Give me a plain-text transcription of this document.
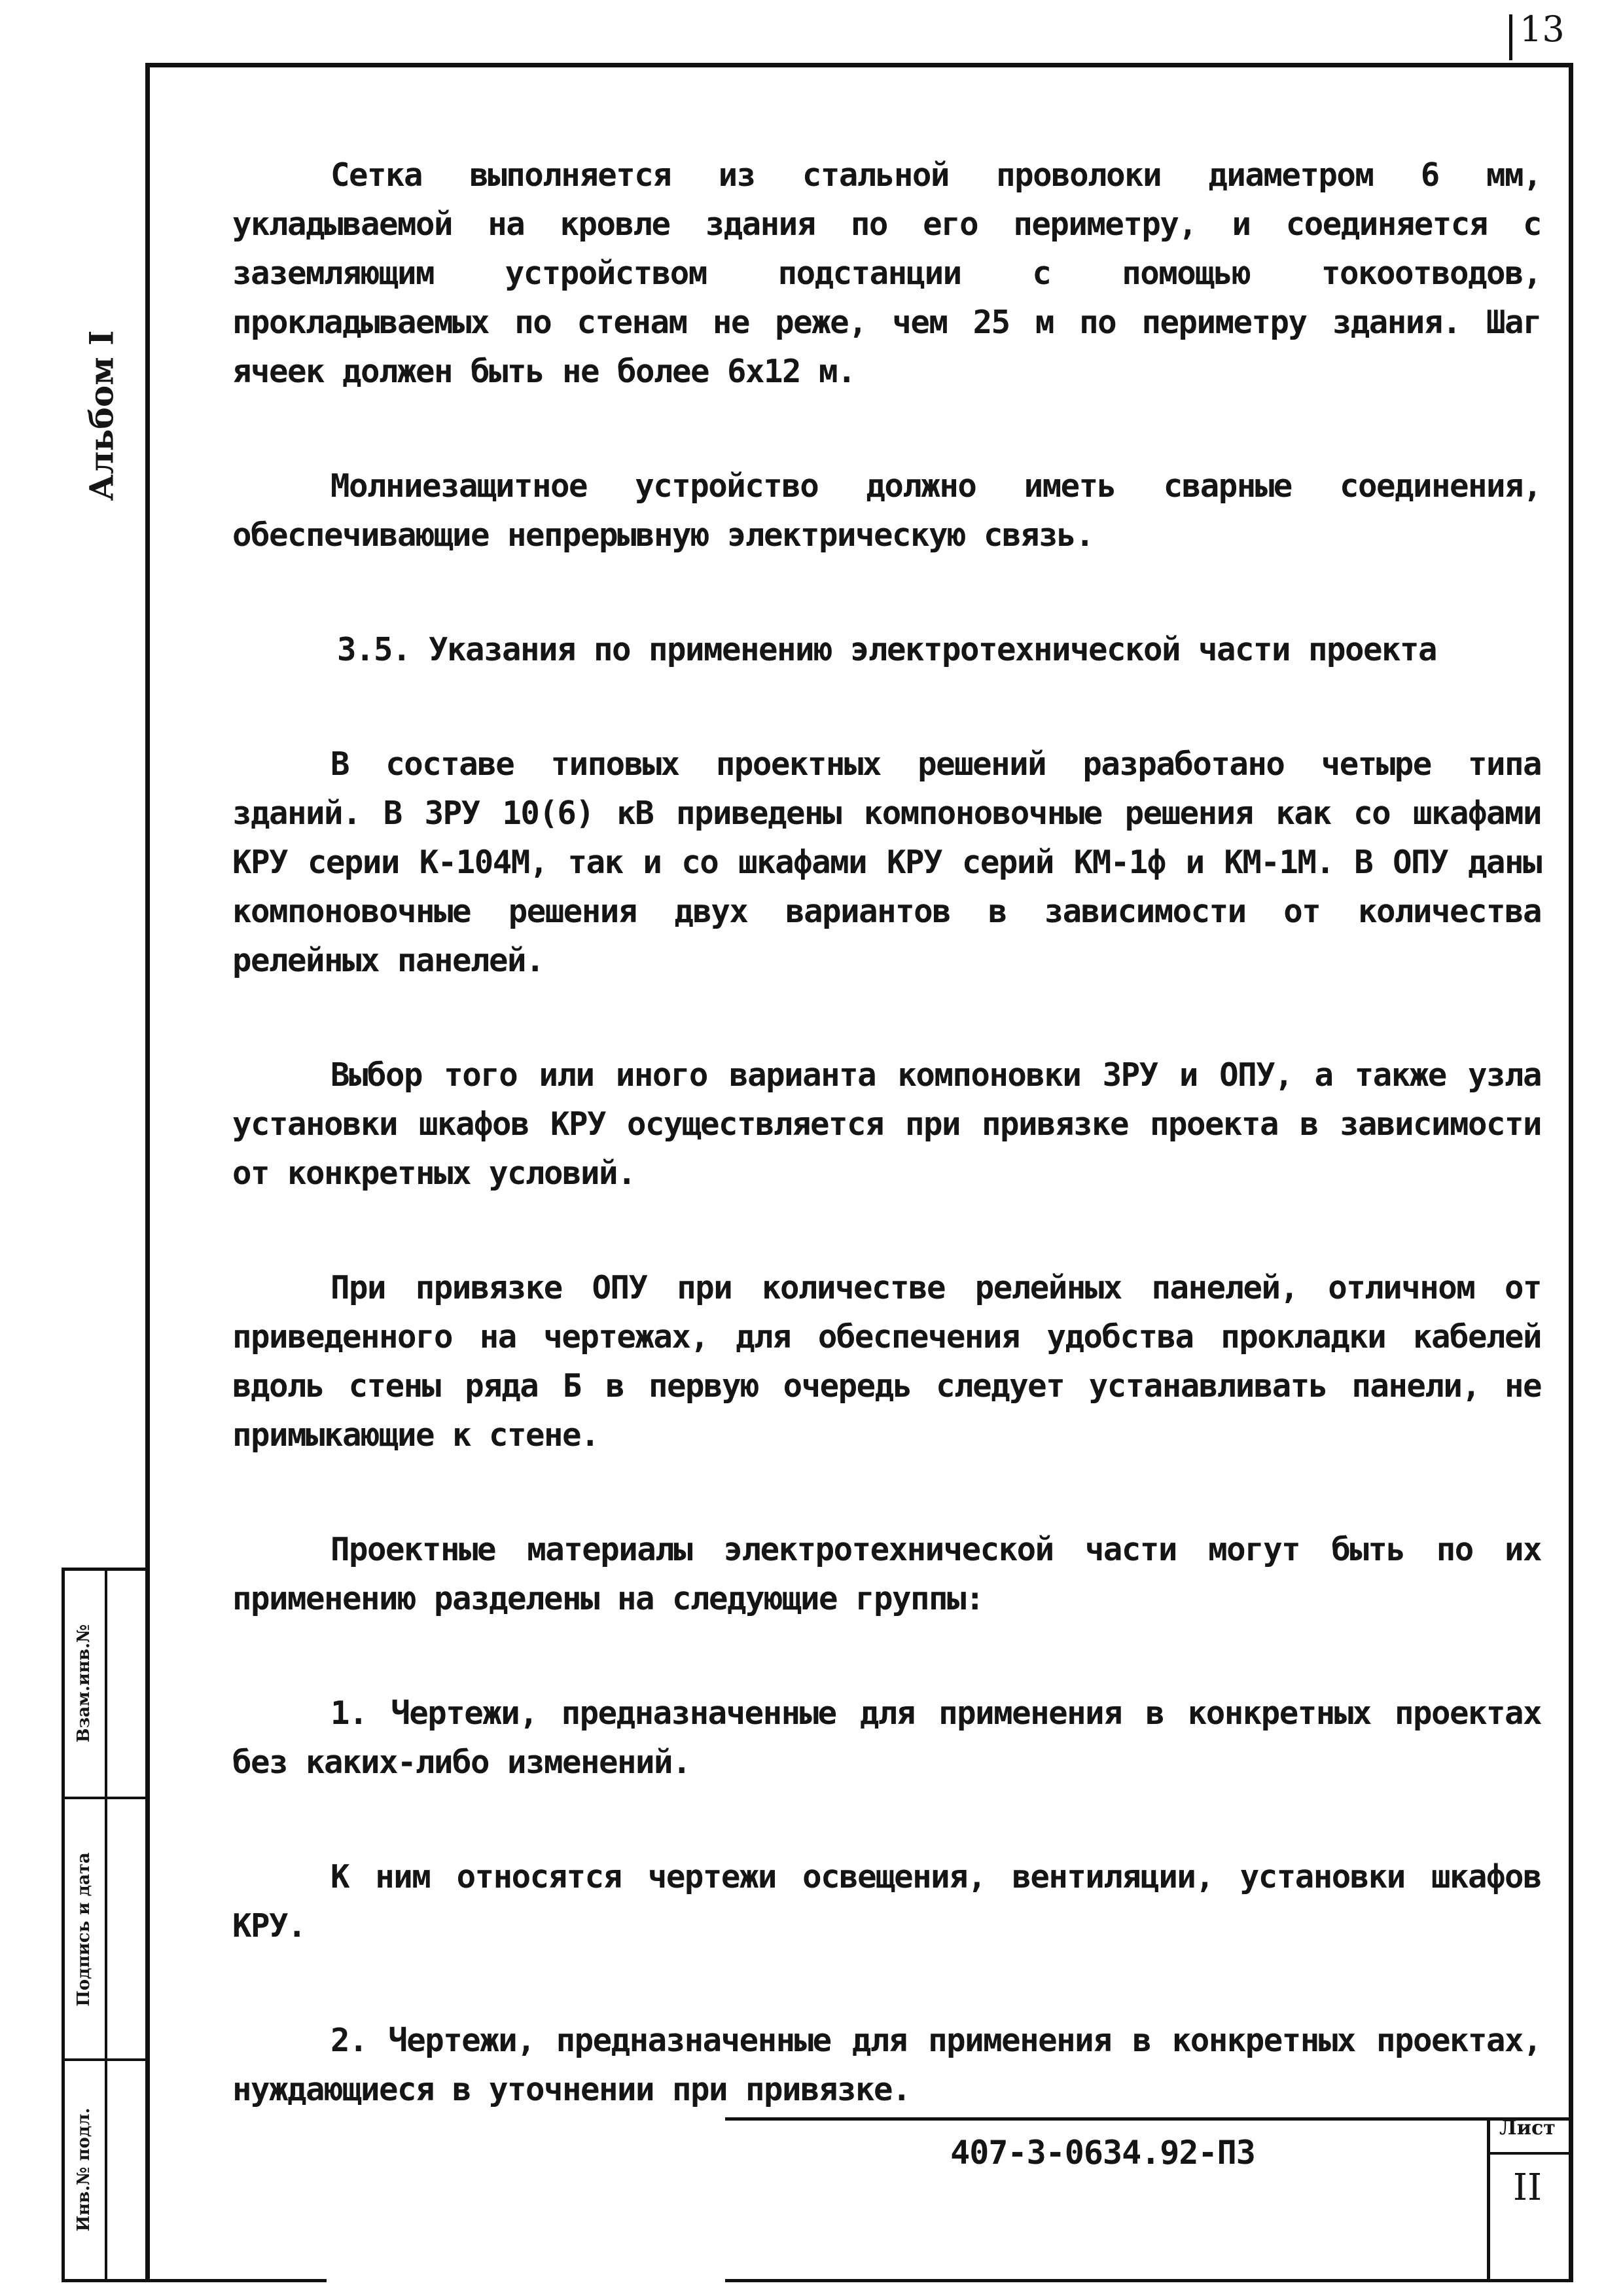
13
Альбом I
Взам.инв.№
Подпись и дата
Инв.№ подл.

Сетка выполняется из стальной проволоки диаметром 6 мм, укладываемой на кровле здания по его периметру, и соединяется с заземляющим устройством подстанции с помощью токоотводов, прокладываемых по стенам не реже, чем 25 м по периметру здания. Шаг ячеек должен быть не более 6х12 м.

Молниезащитное устройство должно иметь сварные соединения, обеспечивающие непрерывную электрическую связь.

3.5. Указания по применению электротехнической части проекта

В составе типовых проектных решений разработано четыре типа зданий. В ЗРУ 10(6) кВ приведены компоновочные решения как со шкафами КРУ серии К-104М, так и со шкафами КРУ серий КМ-1ф и КМ-1М. В ОПУ даны компоновочные решения двух вариантов в зависимости от количества релейных панелей.

Выбор того или иного варианта компоновки ЗРУ и ОПУ, а также узла установки шкафов КРУ осуществляется при привязке проекта в зависимости от конкретных условий.

При привязке ОПУ при количестве релейных панелей, отличном от приведенного на чертежах, для обеспечения удобства прокладки кабелей вдоль стены ряда Б в первую очередь следует устанавливать панели, не примыкающие к стене.

Проектные материалы электротехнической части могут быть по их применению разделены на следующие группы:

1. Чертежи, предназначенные для применения в конкретных проектах без каких-либо изменений.

К ним относятся чертежи освещения, вентиляции, установки шкафов КРУ.

2. Чертежи, предназначенные для применения в конкретных проектах, нуждающиеся в уточнении при привязке.

407-3-0634.92-ПЗ
Лист
II
